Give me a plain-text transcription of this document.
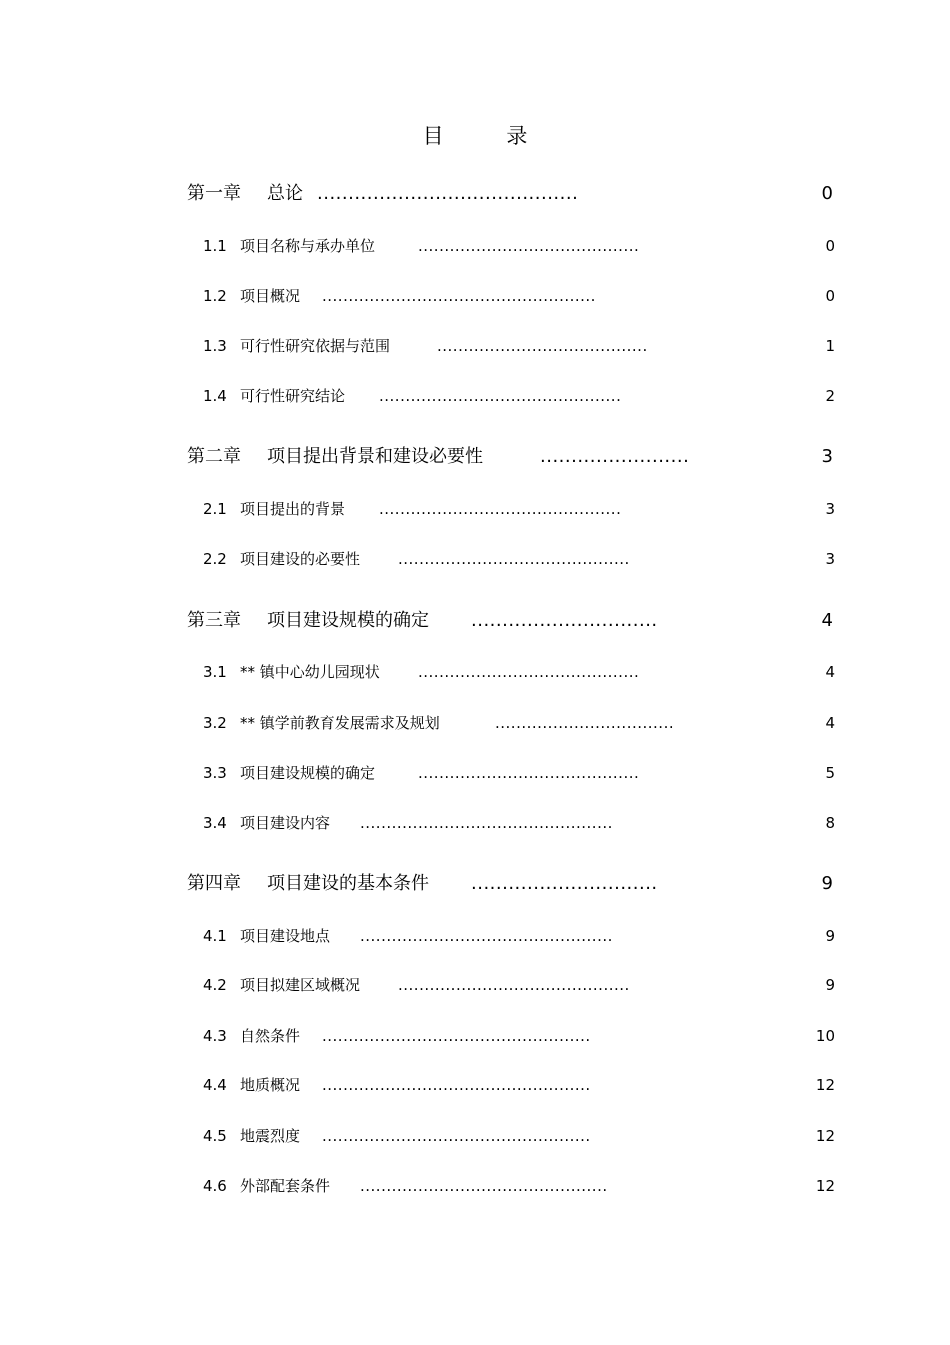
目 录
第一章 总论 ..........................................	0
1.1 项目名称与承办单位	..........................................	0
1.2 项目概况 ....................................................	0
1.3 可行性研究依据与范围	........................................	1
1.4 可行性研究结论 ..............................................	2
第二章 项目提出背景和建设必要性	........................	3
2.1 项目提出的背景 ..............................................	3
2.2 项目建设的必要性	............................................	3
第三章 项目建设规模的确定 ..............................	4
3.1 ** 镇中心幼儿园现状	..........................................	4
3.2 ** 镇学前教育发展需求及规划	..................................	4
3.3 项目建设规模的确定	..........................................	5
3.4 项目建设内容 ................................................	8
第四章 项目建设的基本条件 ..............................	9
4.1 项目建设地点 ................................................	9
4.2 项目拟建区域概况	............................................	9
4.3 自然条件 ...................................................	10
4.4 地质概况 ...................................................	12
4.5 地震烈度 ...................................................	12
4.6 外部配套条件 ...............................................	12
